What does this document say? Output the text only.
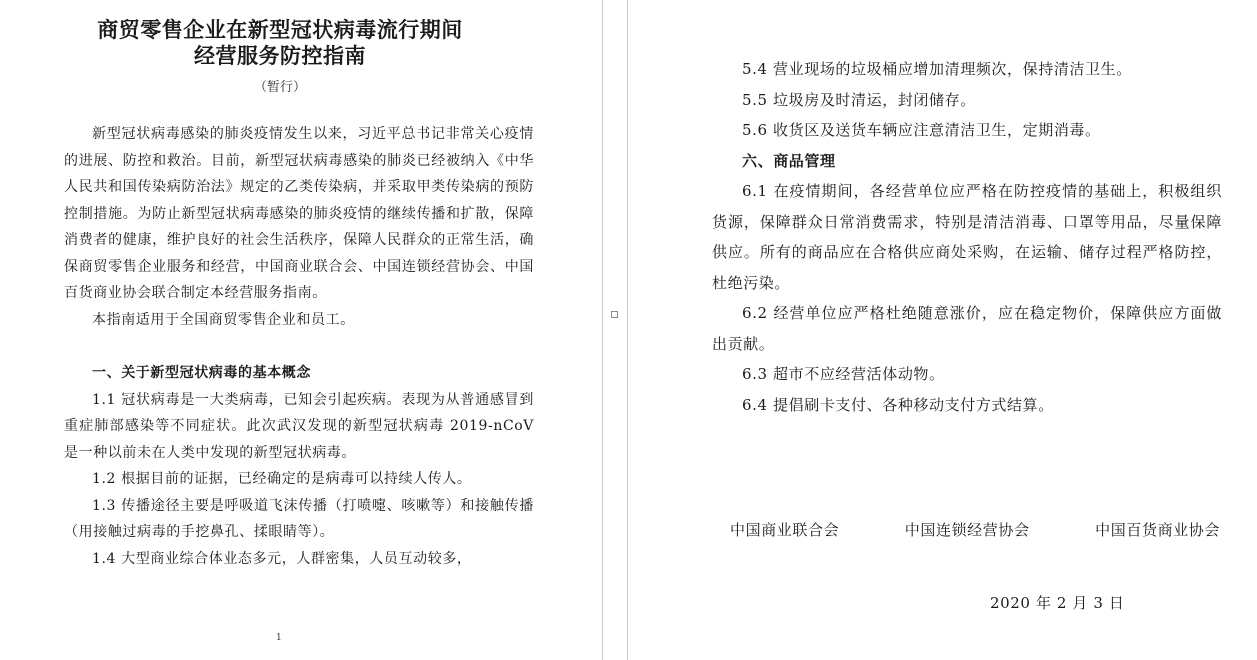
商贸零售企业在新型冠状病毒流行期间
经营服务防控指南
（暂行）

新型冠状病毒感染的肺炎疫情发生以来，习近平总书记非常关心疫情的进展、防控和救治。目前，新型冠状病毒感染的肺炎已经被纳入《中华人民共和国传染病防治法》规定的乙类传染病，并采取甲类传染病的预防控制措施。为防止新型冠状病毒感染的肺炎疫情的继续传播和扩散，保障消费者的健康，维护良好的社会生活秩序，保障人民群众的正常生活，确保商贸零售企业服务和经营，中国商业联合会、中国连锁经营协会、中国百货商业协会联合制定本经营服务指南。

本指南适用于全国商贸零售企业和员工。

一、关于新型冠状病毒的基本概念

1.1 冠状病毒是一大类病毒，已知会引起疾病。表现为从普通感冒到重症肺部感染等不同症状。此次武汉发现的新型冠状病毒 2019-nCoV 是一种以前未在人类中发现的新型冠状病毒。

1.2 根据目前的证据，已经确定的是病毒可以持续人传人。

1.3 传播途径主要是呼吸道飞沫传播（打喷嚏、咳嗽等）和接触传播（用接触过病毒的手挖鼻孔、揉眼睛等）。

1.4 大型商业综合体业态多元，人群密集，人员互动较多，

1

5.4 营业现场的垃圾桶应增加清理频次，保持清洁卫生。

5.5 垃圾房及时清运，封闭储存。

5.6 收货区及送货车辆应注意清洁卫生，定期消毒。

六、商品管理

6.1 在疫情期间，各经营单位应严格在防控疫情的基础上，积极组织货源，保障群众日常消费需求，特别是清洁消毒、口罩等用品，尽量保障供应。所有的商品应在合格供应商处采购，在运输、储存过程严格防控，杜绝污染。

6.2 经营单位应严格杜绝随意涨价，应在稳定物价，保障供应方面做出贡献。

6.3 超市不应经营活体动物。

6.4 提倡刷卡支付、各种移动支付方式结算。

中国商业联合会	中国连锁经营协会	中国百货商业协会
2020 年 2 月 3 日
